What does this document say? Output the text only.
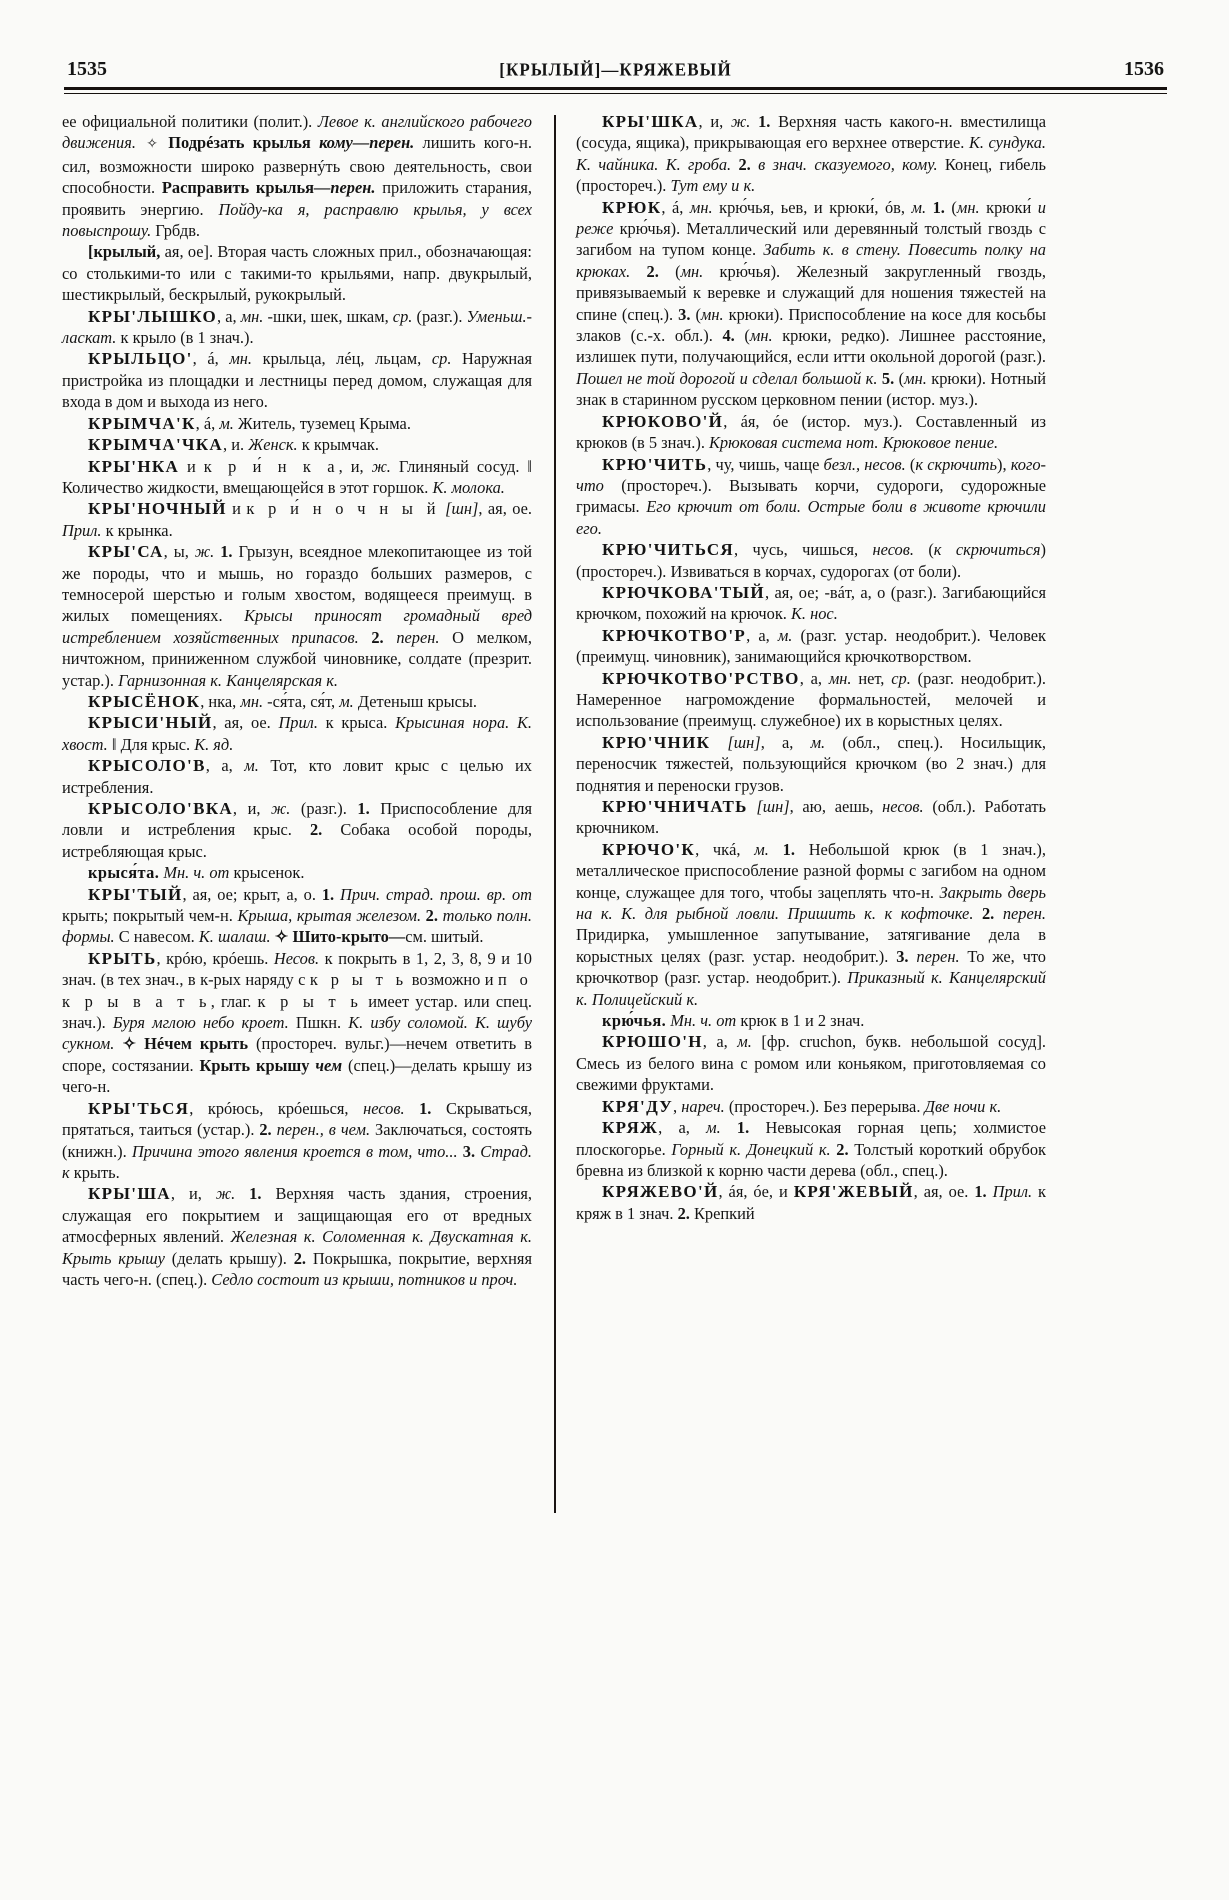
1535	[КРЫЛЫЙ]—КРЯЖЕВЫЙ	1536

ее официальной политики (полит.). Левое к. английского рабочего движения. ✧ Подрéзать крылья кому—перен. лишить кого-н. сил, возможности широко развернýть свою деятельность, свои способности. Расправить крылья—перен. приложить старания, проявить энергию. Пойду-ка я, расправлю крылья, у всех повыспрошу. Грбдв.

[крылый, ая, ое]. Вторая часть сложных прил., обозначающая: со столькими-то или с такими-то крыльями, напр. двукрылый, шестикрылый, бескрылый, рукокрылый.

КРЫ'ЛЫШКО, а, мн. -шки, шек, шкам, ср. (разг.). Уменьш.-ласкат. к крыло (в 1 знач.).

КРЫЛЬЦО', á, мн. крыльца, лéц, льцам, ср. Наружная пристройка из площадки и лестницы перед домом, служащая для входа в дом и выхода из него.

КРЫМЧА'К, á, м. Житель, туземец Крыма.

КРЫМЧА'ЧКА, и. Женск. к крымчак.

КРЫ'НКА и к р и́ н к а, и, ж. Глиняный сосуд. ‖ Количество жидкости, вмещающейся в этот горшок. К. молока.

КРЫ'НОЧНЫЙ и к р и́ н о ч н ы й [шн], ая, ое. Прил. к крынка.

КРЫ'СА, ы, ж. 1. Грызун, всеядное млекопитающее из той же породы, что и мышь, но гораздо больших размеров, с темносерой шерстью и голым хвостом, водящееся преимущ. в жилых помещениях. Крысы приносят громадный вред истреблением хозяйственных припасов. 2. перен. О мелком, ничтожном, приниженном службой чиновнике, солдате (презрит. устар.). Гарнизонная к. Канцелярская к.

КРЫСЁНОК, нка, мн. -ся́та, ся́т, м. Детеныш крысы.

КРЫСИ'НЫЙ, ая, ое. Прил. к крыса. Крысиная нора. К. хвост. ‖ Для крыс. К. яд.

КРЫСОЛО'В, а, м. Тот, кто ловит крыс с целью их истребления.

КРЫСОЛО'ВКА, и, ж. (разг.). 1. Приспособление для ловли и истребления крыс. 2. Собака особой породы, истребляющая крыс.

крыся́та. Мн. ч. от крысенок.

КРЫ'ТЫЙ, ая, ое; крыт, а, о. 1. Прич. страд. прош. вр. от крыть; покрытый чем-н. Крыша, крытая железом. 2. только полн. формы. С навесом. К. шалаш. ✧ Шито-крыто—см. шитый.

КРЫТЬ, крóю, крóешь. Несов. к покрыть в 1, 2, 3, 8, 9 и 10 знач. (в тех знач., в к-рых наряду с к р ы т ь возможно и п о к р ы в а т ь, глаг. к р ы т ь имеет устар. или спец. знач.). Буря мглою небо кроет. Пшкн. К. избу соломой. К. шубу сукном. ✧ Нéчем крыть (простореч. вульг.)—нечем ответить в споре, состязании. Крыть крышу чем (спец.)—делать крышу из чего-н.

КРЫ'ТЬСЯ, крóюсь, крóешься, несов. 1. Скрываться, прятаться, таиться (устар.). 2. перен., в чем. Заключаться, состоять (книжн.). Причина этого явления кроется в том, что... 3. Страд. к крыть.

КРЫ'ША, и, ж. 1. Верхняя часть здания, строения, служащая его покрытием и защищающая его от вредных атмосферных явлений. Железная к. Соломенная к. Двускатная к. Крыть крышу (делать крышу). 2. Покрышка, покрытие, верхняя часть чего-н. (спец.). Седло состоит из крыши, потников и проч.

КРЫ'ШКА, и, ж. 1. Верхняя часть какого-н. вместилища (сосуда, ящика), прикрывающая его верхнее отверстие. К. сундука. К. чайника. К. гроба. 2. в знач. сказуемого, кому. Конец, гибель (простореч.). Тут ему и к.

КРЮК, á, мн. крю́чья, ьев, и крюки́, óв, м. 1. (мн. крюки́ и реже крю́чья). Металлический или деревянный толстый гвоздь с загибом на тупом конце. Забить к. в стену. Повесить полку на крюках. 2. (мн. крю́чья). Железный закругленный гвоздь, привязываемый к веревке и служащий для ношения тяжестей на спине (спец.). 3. (мн. крюки). Приспособление на косе для косьбы злаков (с.-х. обл.). 4. (мн. крюки, редко). Лишнее расстояние, излишек пути, получающийся, если итти окольной дорогой (разг.). Пошел не той дорогой и сделал большой к. 5. (мн. крюки). Нотный знак в старинном русском церковном пении (истор. муз.).

КРЮКОВО'Й, áя, óе (истор. муз.). Составленный из крюков (в 5 знач.). Крюковая система нот. Крюковое пение.

КРЮ'ЧИТЬ, чу, чишь, чаще безл., несов. (к скрючить), кого-что (простореч.). Вызывать корчи, судороги, судорожные гримасы. Его крючит от боли. Острые боли в животе крючили его.

КРЮ'ЧИТЬСЯ, чусь, чишься, несов. (к скрючиться) (простореч.). Извиваться в корчах, судорогах (от боли).

КРЮЧКОВА'ТЫЙ, ая, ое; -вáт, а, о (разг.). Загибающийся крючком, похожий на крючок. К. нос.

КРЮЧКОТВО'Р, а, м. (разг. устар. неодобрит.). Человек (преимущ. чиновник), занимающийся крючкотворством.

КРЮЧКОТВО'РСТВО, а, мн. нет, ср. (разг. неодобрит.). Намеренное нагромождение формальностей, мелочей и использование (преимущ. служебное) их в корыстных целях.

КРЮ'ЧНИК [шн], а, м. (обл., спец.). Носильщик, переносчик тяжестей, пользующийся крючком (во 2 знач.) для поднятия и переноски грузов.

КРЮ'ЧНИЧАТЬ [шн], аю, аешь, несов. (обл.). Работать крючником.

КРЮЧО'К, чкá, м. 1. Небольшой крюк (в 1 знач.), металлическое приспособление разной формы с загибом на одном конце, служащее для того, чтобы зацеплять что-н. Закрыть дверь на к. К. для рыбной ловли. Пришить к. к кофточке. 2. перен. Придирка, умышленное запутывание, затягивание дела в корыстных целях (разг. устар. неодобрит.). 3. перен. То же, что крючкотвор (разг. устар. неодобрит.). Приказный к. Канцелярский к. Полицейский к.

крю́чья. Мн. ч. от крюк в 1 и 2 знач.

КРЮШО'Н, а, м. [фр. cruchon, букв. небольшой сосуд]. Смесь из белого вина с ромом или коньяком, приготовляемая со свежими фруктами.

КРЯ'ДУ, нареч. (простореч.). Без перерыва. Две ночи к.

КРЯЖ, а, м. 1. Невысокая горная цепь; холмистое плоскогорье. Горный к. Донецкий к. 2. Толстый короткий обрубок бревна из близкой к корню части дерева (обл., спец.).

КРЯЖЕВО'Й, áя, óе, и КРЯ'ЖЕВЫЙ, ая, ое. 1. Прил. к кряж в 1 знач. 2. Крепкий
